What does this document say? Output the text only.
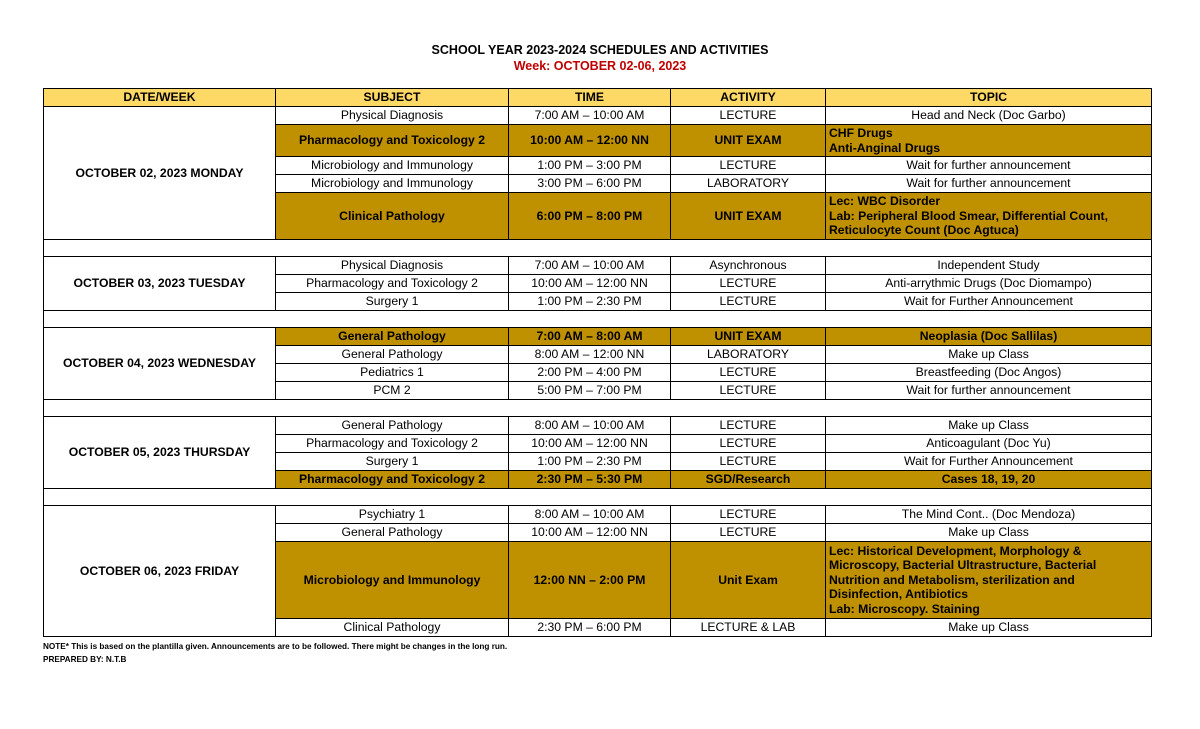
SCHOOL YEAR 2023-2024 SCHEDULES AND ACTIVITIES
Week: OCTOBER 02-06, 2023
DATE/WEEK	SUBJECT	TIME	ACTIVITY	TOPIC
OCTOBER 02, 2023 MONDAY	Physical Diagnosis	7:00 AM – 10:00 AM	LECTURE	Head and Neck (Doc Garbo)

	Pharmacology and Toxicology 2	10:00 AM – 12:00 NN	UNIT EXAM	CHF Drugs
Anti-Anginal Drugs

	Microbiology and Immunology	1:00 PM – 3:00 PM	LECTURE	Wait for further announcement

	Microbiology and Immunology	3:00 PM – 6:00 PM	LABORATORY	Wait for further announcement

	Clinical Pathology	6:00 PM – 8:00 PM	UNIT EXAM	Lec: WBC Disorder
Lab: Peripheral Blood Smear, Differential Count,
Reticulocyte Count (Doc Agtuca)

OCTOBER 03, 2023 TUESDAY	Physical Diagnosis	7:00 AM – 10:00 AM	Asynchronous	Independent Study

	Pharmacology and Toxicology 2	10:00 AM – 12:00 NN	LECTURE	Anti-arrythmic Drugs (Doc Diomampo)

	Surgery 1	1:00 PM – 2:30 PM	LECTURE	Wait for Further Announcement

OCTOBER 04, 2023 WEDNESDAY	General Pathology	7:00 AM – 8:00 AM	UNIT EXAM	Neoplasia (Doc Sallilas)

	General Pathology	8:00 AM – 12:00 NN	LABORATORY	Make up Class

	Pediatrics 1	2:00 PM – 4:00 PM	LECTURE	Breastfeeding (Doc Angos)

	PCM 2	5:00 PM – 7:00 PM	LECTURE	Wait for further announcement

OCTOBER 05, 2023 THURSDAY	General Pathology	8:00 AM – 10:00 AM	LECTURE	Make up Class

	Pharmacology and Toxicology 2	10:00 AM – 12:00 NN	LECTURE	Anticoagulant (Doc Yu)

	Surgery 1	1:00 PM – 2:30 PM	LECTURE	Wait for Further Announcement

	Pharmacology and Toxicology 2	2:30 PM – 5:30 PM	SGD/Research	Cases 18, 19, 20

OCTOBER 06, 2023 FRIDAY	Psychiatry 1	8:00 AM – 10:00 AM	LECTURE	The Mind Cont.. (Doc Mendoza)

	General Pathology	10:00 AM – 12:00 NN	LECTURE	Make up Class

	Microbiology and Immunology	12:00 NN – 2:00 PM	Unit Exam	Lec: Historical Development, Morphology &
Microscopy, Bacterial Ultrastructure, Bacterial
Nutrition and Metabolism, sterilization and
Disinfection, Antibiotics
Lab: Microscopy. Staining

	Clinical Pathology	2:30 PM – 6:00 PM	LECTURE & LAB	Make up Class
NOTE* This is based on the plantilla given. Announcements are to be followed. There might be changes in the long run.
PREPARED BY: N.T.B
